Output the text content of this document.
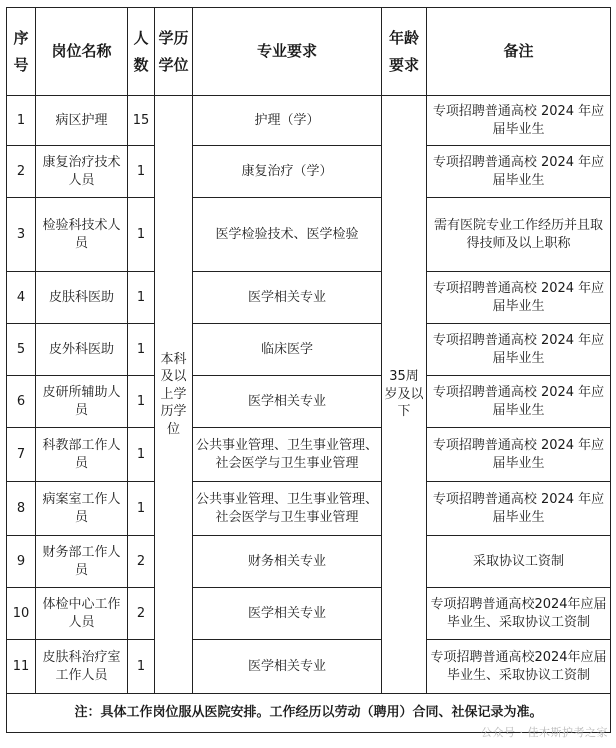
序号	岗位名称	人数	学历学位	专业要求	年龄要求	备注
1	病区护理	15	本科及以上学历学位	护理（学）	35周岁及以下	专项招聘普通高校 2024 年应届毕业生
2	康复治疗技术人员	1		康复治疗（学）		专项招聘普通高校 2024 年应届毕业生
3	检验科技术人员	1		医学检验技术、医学检验		需有医院专业工作经历并且取得技师及以上职称
4	皮肤科医助	1		医学相关专业		专项招聘普通高校 2024 年应届毕业生
5	皮外科医助	1		临床医学		专项招聘普通高校 2024 年应届毕业生
6	皮研所辅助人员	1		医学相关专业		专项招聘普通高校 2024 年应届毕业生
7	科教部工作人员	1		公共事业管理、卫生事业管理、社会医学与卫生事业管理		专项招聘普通高校 2024 年应届毕业生
8	病案室工作人员	1		公共事业管理、卫生事业管理、社会医学与卫生事业管理		专项招聘普通高校 2024 年应届毕业生
9	财务部工作人员	2		财务相关专业		采取协议工资制
10	体检中心工作人员	2		医学相关专业		专项招聘普通高校2024年应届毕业生、采取协议工资制
11	皮肤科治疗室工作人员	1		医学相关专业		专项招聘普通高校2024年应届毕业生、采取协议工资制
注：具体工作岗位服从医院安排。工作经历以劳动（聘用）合同、社保记录为准。						
公众号 · 佳木斯护考之家
